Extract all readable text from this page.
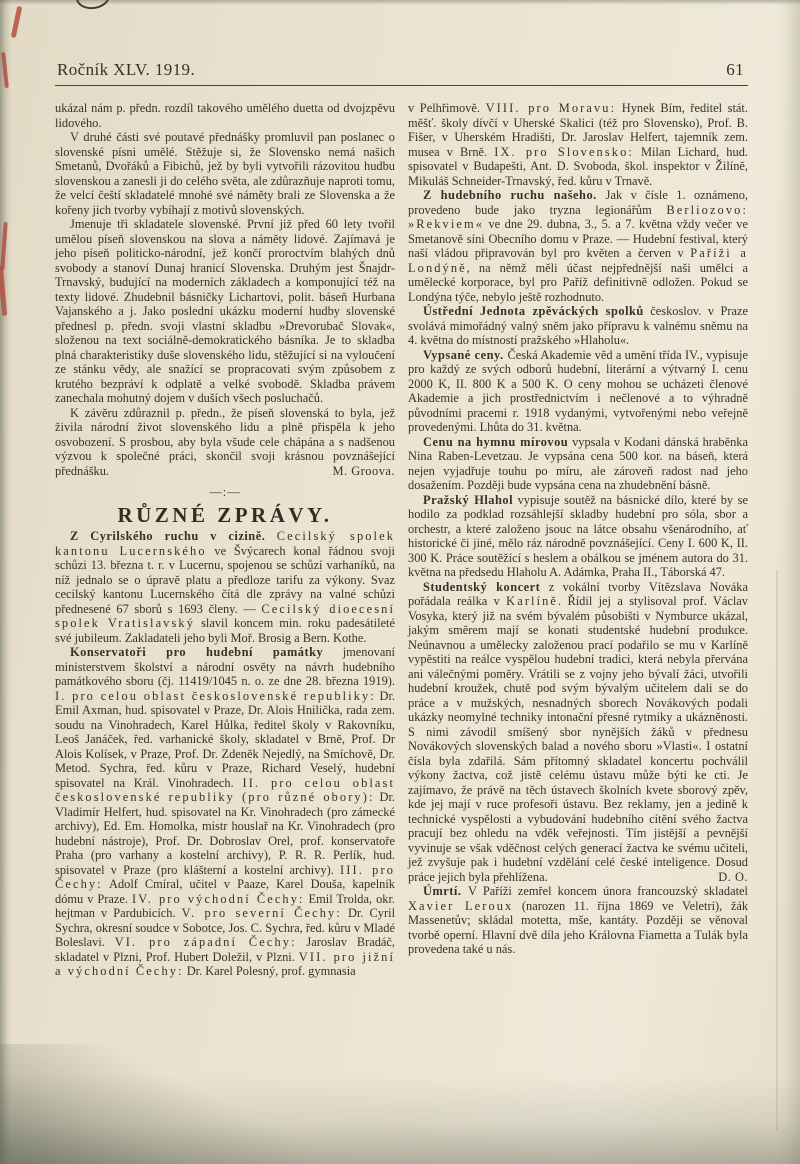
Ročník XLV. 1919.	61

ukázal nám p. předn. rozdíl takového umělého duetta od dvojzpěvu lidového.

V druhé části své poutavé přednášky promluvil pan poslanec o slovenské písni umělé. Stěžuje si, že Slovensko nemá našich Smetanů, Dvořáků a Fibichů, jež by byli vytvořili rázovitou hudbu slovenskou a zanesli ji do celého světa, ale zdůrazňuje naproti tomu, že velcí čeští skladatelé mnohé své náměty brali ze Slovenska a že kořeny jich tvorby vybíhají z motivů slovenských.

Jmenuje tři skladatele slovenské. První již před 60 lety tvořil umělou píseň slovenskou na slova a náměty lidové. Zajímavá je jeho píseň politicko-národní, jež končí proroctvím blahých dnů svobody a stanoví Dunaj hranicí Slovenska. Druhým jest Šnajdr-Trnavský, budující na moderních základech a komponující též na texty lidové. Zhudebnil básničky Lichartovi, polit. báseň Hurbana Vajanského a j. Jako poslední ukázku moderní hudby slovenské přednesl p. předn. svoji vlastní skladbu »Drevorubač Slovak«, složenou na text sociálně-demokratického básníka. Je to skladba plná charakteristiky duše slovenského lidu, stěžující si na vyloučení ze stánku vědy, ale snažící se propracovati svým způsobem z krutého bezpráví k odplatě a velké svobodě. Skladba právem zanechala mohutný dojem v duších všech posluchačů.

K závěru zdůraznil p. předn., že píseň slovenská to byla, jež živila národní život slovenského lidu a plně přispěla k jeho osvobození. S prosbou, aby byla všude cele chápána a s nadšenou výzvou k společné práci, skončil svoji krásnou povznášející přednášku.	M. Groova.

—:—

RŮZNÉ ZPRÁVY.

Z Cyrilského ruchu v cizině. Cecilský spolek kantonu Lucernského ve Švýcarech konal řádnou svoji schůzi 13. března t. r. v Lucernu, spojenou se schůzí varhaníků, na níž jednalo se o úpravě platu a předloze tarifu za výkony. Svaz cecilský kantonu Lucernského čítá dle zprávy na valné schůzi přednesené 67 sborů s 1693 členy. — Cecilský dioecesní spolek Vratislavský slavil koncem min. roku padesátileté své jubileum. Zakladateli jeho byli Moř. Brosig a Bern. Kothe.

Konservatoři pro hudební památky jmenovaní ministerstvem školství a národní osvěty na návrh hudebního památkového sboru (čj. 11419/1045 n. o. ze dne 28. března 1919). I. pro celou oblast československé republiky: Dr. Emil Axman, hud. spisovatel v Praze, Dr. Alois Hnilička, rada zem. soudu na Vinohradech, Karel Hůlka, ředitel školy v Rakovníku, Leoš Janáček, řed. varhanické školy, skladatel v Brně, Prof. Dr Alois Kolísek, v Praze, Prof. Dr. Zdeněk Nejedlý, na Smíchově, Dr. Metod. Sychra, řed. kůru v Praze, Richard Veselý, hudební spisovatel na Král. Vinohradech. II. pro celou oblast československé republiky (pro různé obory): Dr. Vladimír Helfert, hud. spisovatel na Kr. Vinohradech (pro zámecké archivy), Ed. Em. Homolka, mistr houslař na Kr. Vinohradech (pro hudební nástroje), Prof. Dr. Dobroslav Orel, prof. konservatoře Praha (pro varhany a kostelní archivy), P. R. R. Perlík, hud. spisovatel v Praze (pro klášterní a kostelní archivy). III. pro Čechy: Adolf Cmíral, učitel v Paaze, Karel Douša, kapelník dómu v Praze. IV. pro východní Čechy: Emil Trolda, okr. hejtman v Pardubicích. V. pro severní Čechy: Dr. Cyril Sychra, okresní soudce v Sobotce, Jos. C. Sychra, řed. kůru v Mladé Boleslavi. VI. pro západní Čechy: Jaroslav Bradáč, skladatel v Plzni, Prof. Hubert Doležil, v Plzni. VII. pro jižní a východní Čechy: Dr. Karel Polesný, prof. gymnasia

v Pelhřimově. VIII. pro Moravu: Hynek Bím, ředitel stát. měšť. školy dívčí v Uherské Skalici (též pro Slovensko), Prof. B. Fišer, v Uherském Hradišti, Dr. Jaroslav Helfert, tajemník zem. musea v Brně. IX. pro Slovensko: Milan Lichard, hud. spisovatel v Budapešti, Ant. D. Svoboda, škol. inspektor v Žilíně, Mikuláš Schneider-Trnavský, řed. kůru v Trnavě.

Z hudebního ruchu našeho. Jak v čísle 1. oznámeno, provedeno bude jako tryzna legionářům Berliozovo: »Rekviem« ve dne 29. dubna, 3., 5. a 7. května vždy večer ve Smetanově síni Obecního domu v Praze. — Hudební festival, který naší vládou připravován byl pro květen a červen v Paříži a Londýně, na němž měli účast nejpřednější naši umělci a umělecké korporace, byl pro Paříž definitivně odložen. Pokud se Londýna týče, nebylo ještě rozhodnuto.

Ústřední Jednota zpěváckých spolků českoslov. v Praze svolává mimořádný valný sněm jako přípravu k valnému sněmu na 4. května do místností pražského »Hlaholu«.

Vypsané ceny. Česká Akademie věd a umění třída IV., vypisuje pro každý ze svých odborů hudební, literární a výtvarný I. cenu 2000 K, II. 800 K a 500 K. O ceny mohou se ucházeti členové Akademie a jich prostřednictvím i nečlenové a to výhradně původními pracemi r. 1918 vydanými, vytvořenými nebo veřejně provedenými. Lhůta do 31. května.

Cenu na hymnu mírovou vypsala v Kodani dánská hraběnka Nina Raben-Levetzau. Je vypsána cena 500 kor. na báseň, která nejen vyjadřuje touhu po míru, ale zároveň radost nad jeho dosažením. Později bude vypsána cena na zhudebnění básně.

Pražský Hlahol vypisuje soutěž na básnické dílo, které by se hodilo za podklad rozsáhlejší skladby hudební pro sóla, sbor a orchestr, a které založeno jsouc na látce obsahu všenárodního, ať historické či jiné, mělo ráz národně povznášející. Ceny I. 600 K, II. 300 K. Práce soutěžící s heslem a obálkou se jménem autora do 31. května na předsedu Hlaholu A. Adámka, Praha II., Táborská 47.

Studentský koncert z vokální tvorby Vítězslava Nováka pořádala reálka v Karlíně. Řídil jej a stylisoval prof. Václav Vosyka, který již na svém bývalém působišti v Nymburce ukázal, jakým směrem mají se konati studentské hudební produkce. Neúnavnou a umělecky založenou prací podařilo se mu v Karlíně vypěstiti na reálce vyspělou hudební tradici, která nebyla přervána ani válečnými poměry. Vrátili se z vojny jeho bývalí žáci, utvořili hudební kroužek, chutě pod svým bývalým učitelem dali se do práce a v mužských, nesnadných sborech Novákových podali ukázky neomylné techniky intonační přesné rytmiky a ukázněnosti. S nimi závodil smíšený sbor nynějších žáků v přednesu Novákových slovenských balad a nového sboru »Vlasti«. I ostatní čísla byla zdařilá. Sám přítomný skladatel koncertu pochválil výkony žactva, což jistě celému ústavu může býti ke cti. Je zajímavo, že právě na těch ústavech školních kvete sborový zpěv, kde jej mají v ruce profesoři ústavu. Bez reklamy, jen a jedině k technické vyspělosti a vybudování hudebního cítění svého žactva pracují bez ohledu na vděk veřejnosti. Tím jistější a pevnější vyvinuje se však vděčnost celých generací žactva ke svému učiteli, jež zvyšuje pak i hudební vzdělání celé české inteligence. Dosud práce jejich byla přehlížena.	D. O.

Úmrtí. V Paříži zemřel koncem února francouzský skladatel Xavier Leroux (narozen 11. října 1869 ve Veletri), žák Massenetův; skládal motetta, mše, kantáty. Později se věnoval tvorbě operní. Hlavní dvě díla jeho Královna Fiametta a Tulák byla provedena také u nás.
